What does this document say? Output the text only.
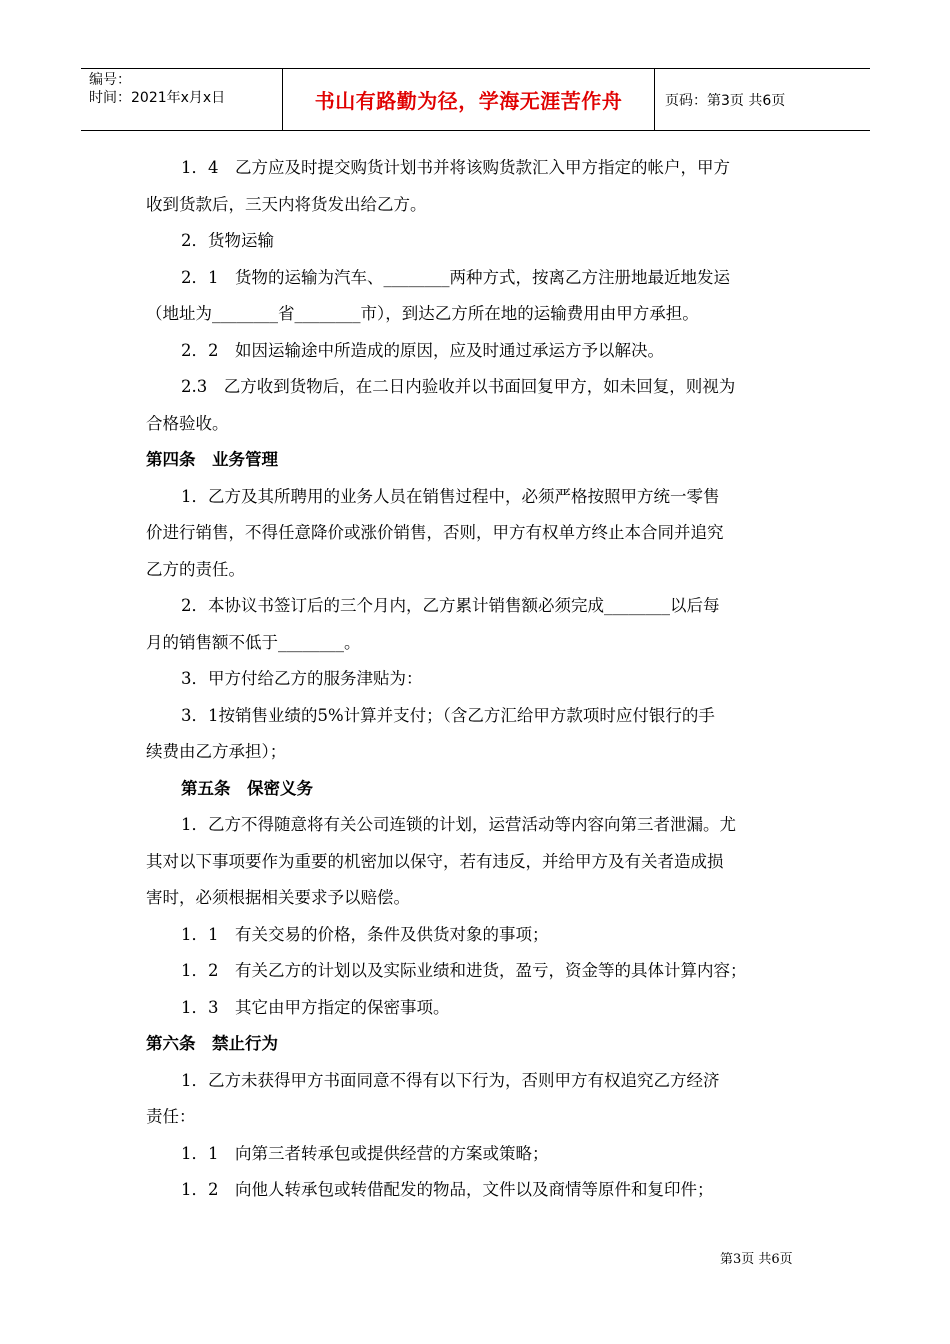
编号：
时间：2021年x月x日	书山有路勤为径，学海无涯苦作舟	页码：第3页 共6页

1．4　乙方应及时提交购货计划书并将该购货款汇入甲方指定的帐户，甲方

收到货款后，三天内将货发出给乙方。

2．货物运输

2．1　货物的运输为汽车、________两种方式，按离乙方注册地最近地发运

（地址为________省________市），到达乙方所在地的运输费用由甲方承担。

2．2　如因运输途中所造成的原因，应及时通过承运方予以解决。

2.3　乙方收到货物后，在二日内验收并以书面回复甲方，如未回复，则视为

合格验收。

第四条　业务管理

1．乙方及其所聘用的业务人员在销售过程中，必须严格按照甲方统一零售

价进行销售，不得任意降价或涨价销售，否则，甲方有权单方终止本合同并追究

乙方的责任。

2．本协议书签订后的三个月内，乙方累计销售额必须完成________以后每

月的销售额不低于________。

3．甲方付给乙方的服务津贴为：

3．1按销售业绩的5%计算并支付；（含乙方汇给甲方款项时应付银行的手

续费由乙方承担）；

第五条　保密义务

1．乙方不得随意将有关公司连锁的计划，运营活动等内容向第三者泄漏。尤

其对以下事项要作为重要的机密加以保守，若有违反，并给甲方及有关者造成损

害时，必须根据相关要求予以赔偿。

1．1　有关交易的价格，条件及供货对象的事项；

1．2　有关乙方的计划以及实际业绩和进货，盈亏，资金等的具体计算内容；

1．3　其它由甲方指定的保密事项。

第六条　禁止行为

1．乙方未获得甲方书面同意不得有以下行为，否则甲方有权追究乙方经济

责任：

1．1　向第三者转承包或提供经营的方案或策略；

1．2　向他人转承包或转借配发的物品，文件以及商情等原件和复印件；

第3页 共6页
